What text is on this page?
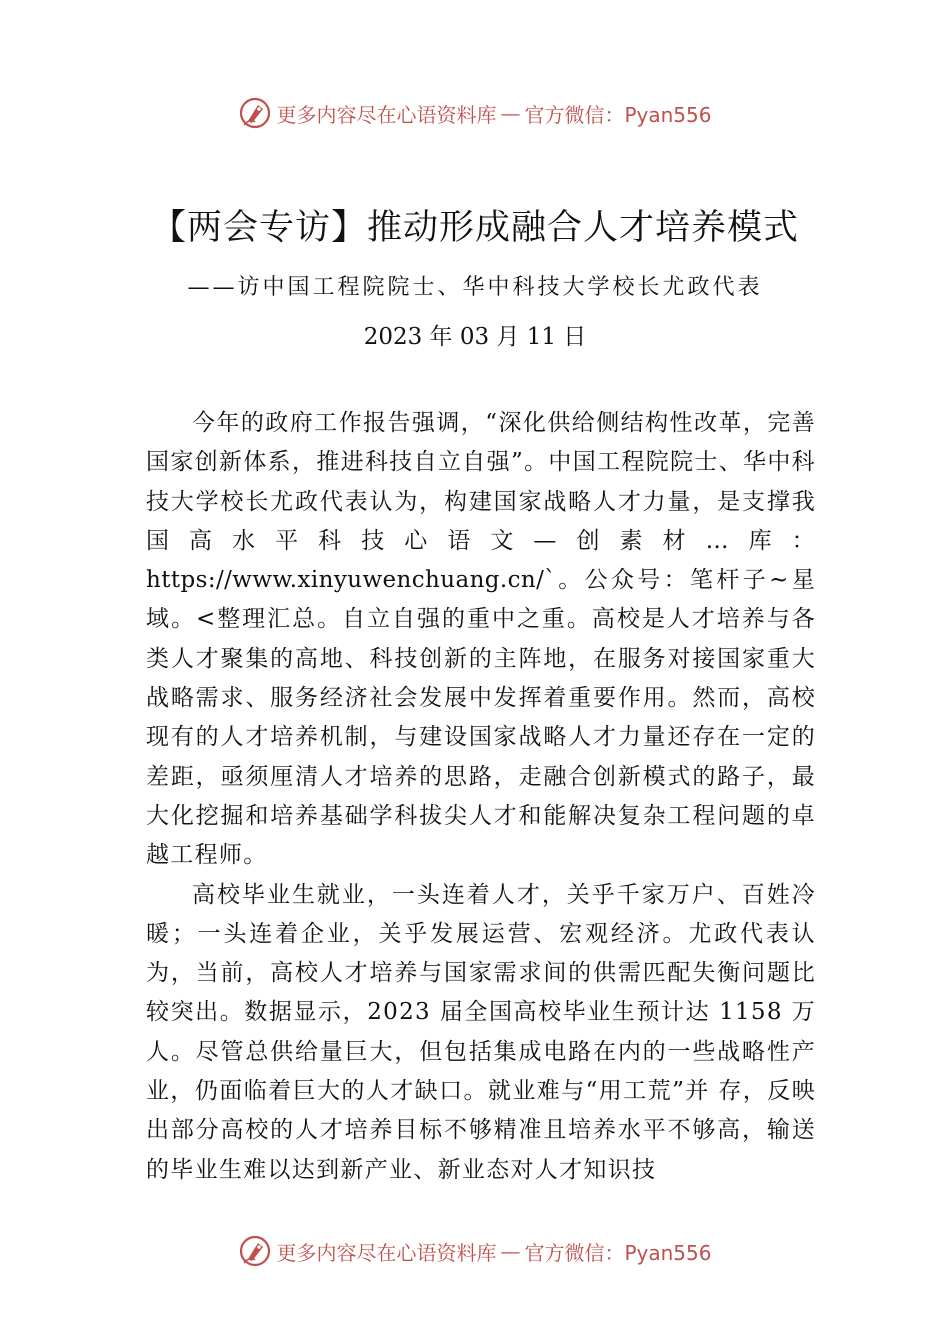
更多内容尽在心语资料库 — 官方微信：Pyan556
【两会专访】推动形成融合人才培养模式
——访中国工程院院士、华中科技大学校长尤政代表
2023 年 03 月 11 日

今年的政府工作报告强调，“深化供给侧结构性改革，完善国家创新体系，推进科技自立自强”。中国工程院院士、华中科技大学校长尤政代表认为，构建国家战略人才力量，是支撑我国高水平科技心语文—创素材…库：https://www.xinyuwenchuang.cn/`。公众号：笔杆子~星域。<整理汇总。自立自强的重中之重。高校是人才培养与各类人才聚集的高地、科技创新的主阵地，在服务对接国家重大战略需求、服务经济社会发展中发挥着重要作用。然而，高校现有的人才培养机制，与建设国家战略人才力量还存在一定的差距，亟须厘清人才培养的思路，走融合创新模式的路子，最大化挖掘和培养基础学科拔尖人才和能解决复杂工程问题的卓越工程师。

高校毕业生就业，一头连着人才，关乎千家万户、百姓冷暖；一头连着企业，关乎发展运营、宏观经济。尤政代表认为，当前，高校人才培养与国家需求间的供需匹配失衡问题比较突出。数据显示，2023 届全国高校毕业生预计达 1158 万人。尽管总供给量巨大，但包括集成电路在内的一些战略性产业，仍面临着巨大的人才缺口。就业难与“用工荒”并 存，反映出部分高校的人才培养目标不够精准且培养水平不够高，输送的毕业生难以达到新产业、新业态对人才知识技

更多内容尽在心语资料库 — 官方微信：Pyan556
